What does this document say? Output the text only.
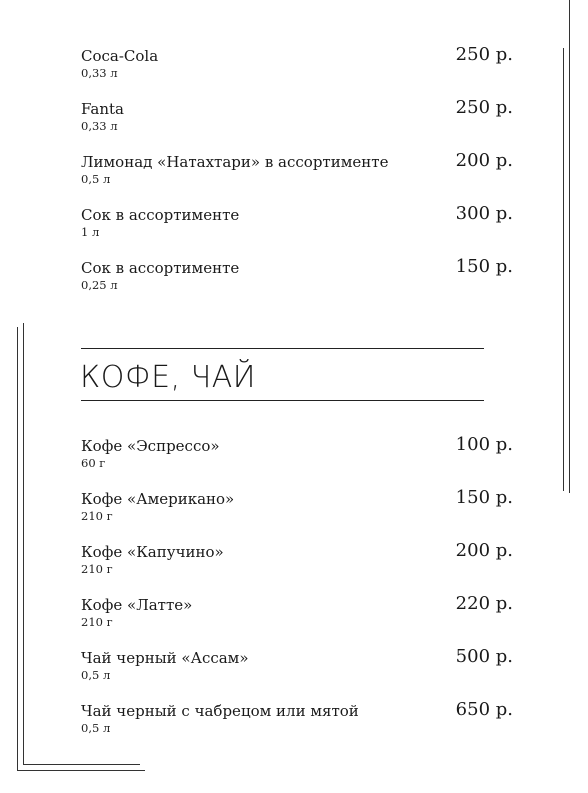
Coca-Cola
0,33 л
250 р.
Fanta
0,33 л
250 р.
Лимонад «Натахтари» в ассортименте
0,5 л
200 р.
Сок в ассортименте
1 л
300 р.
Сок в ассортименте
0,25 л
150 р.
КОФЕ, ЧАЙ
Кофе «Эспрессо»
60 г
100 р.
Кофе «Американо»
210 г
150 р.
Кофе «Капучино»
210 г
200 р.
Кофе «Латте»
210 г
220 р.
Чай черный «Ассам»
0,5 л
500 р.
Чай черный с чабрецом или мятой
0,5 л
650 р.
